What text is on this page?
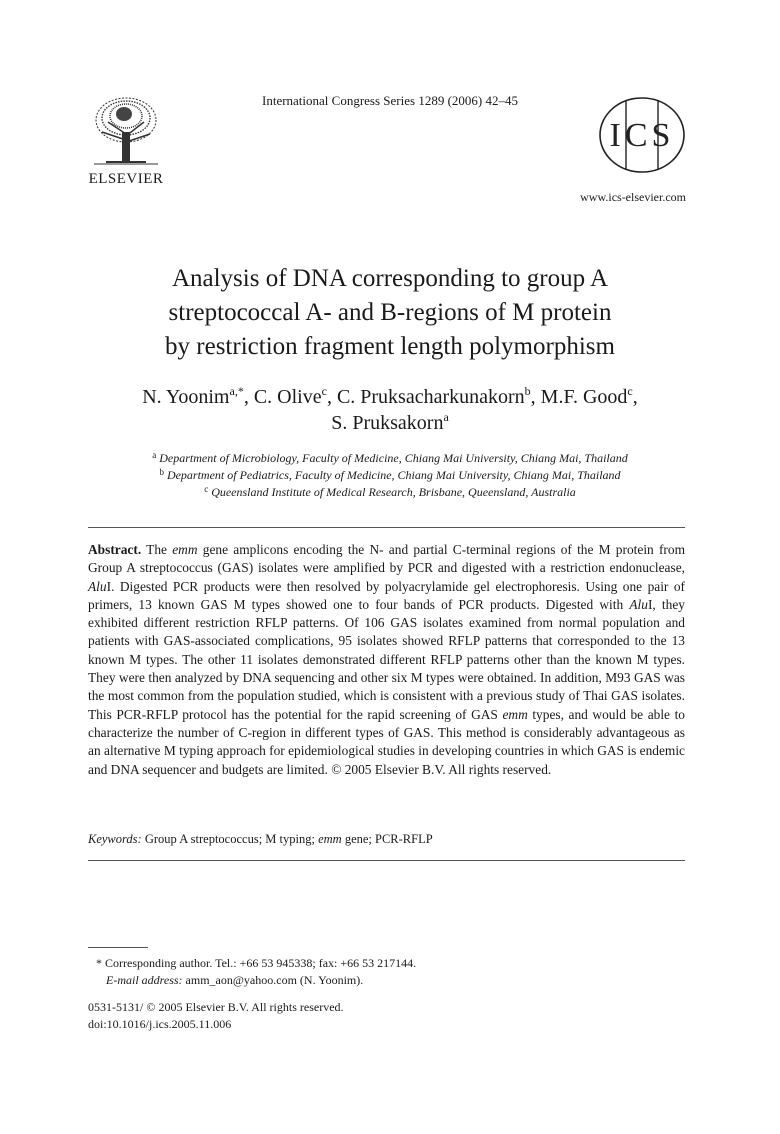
ELSEVIER
International Congress Series 1289 (2006) 42–45
ICS
www.ics-elsevier.com
Analysis of DNA corresponding to group A
streptococcal A- and B-regions of M protein
by restriction fragment length polymorphism
N. Yoonim$^{a,*}$, C. Olive$^c$, C. Pruksacharkunakorn$^b$, M.F. Good$^c$,
S. Pruksakorn$^a$
$^a$ Department of Microbiology, Faculty of Medicine, Chiang Mai University, Chiang Mai, Thailand
$^b$ Department of Pediatrics, Faculty of Medicine, Chiang Mai University, Chiang Mai, Thailand
$^c$ Queensland Institute of Medical Research, Brisbane, Queensland, Australia
Abstract. The emm gene amplicons encoding the N- and partial C-terminal regions of the M protein from Group A streptococcus (GAS) isolates were amplified by PCR and digested with a restriction endonuclease, AluI. Digested PCR products were then resolved by polyacrylamide gel electrophoresis. Using one pair of primers, 13 known GAS M types showed one to four bands of PCR products. Digested with AluI, they exhibited different restriction RFLP patterns. Of 106 GAS isolates examined from normal population and patients with GAS-associated complications, 95 isolates showed RFLP patterns that corresponded to the 13 known M types. The other 11 isolates demonstrated different RFLP patterns other than the known M types. They were then analyzed by DNA sequencing and other six M types were obtained. In addition, M93 GAS was the most common from the population studied, which is consistent with a previous study of Thai GAS isolates. This PCR-RFLP protocol has the potential for the rapid screening of GAS emm types, and would be able to characterize the number of C-region in different types of GAS. This method is considerably advantageous as an alternative M typing approach for epidemiological studies in developing countries in which GAS is endemic and DNA sequencer and budgets are limited. © 2005 Elsevier B.V. All rights reserved.
Keywords: Group A streptococcus; M typing; emm gene; PCR-RFLP
* Corresponding author. Tel.: +66 53 945338; fax: +66 53 217144.
E-mail address: amm_aon@yahoo.com (N. Yoonim).
0531-5131/ © 2005 Elsevier B.V. All rights reserved.
doi:10.1016/j.ics.2005.11.006
